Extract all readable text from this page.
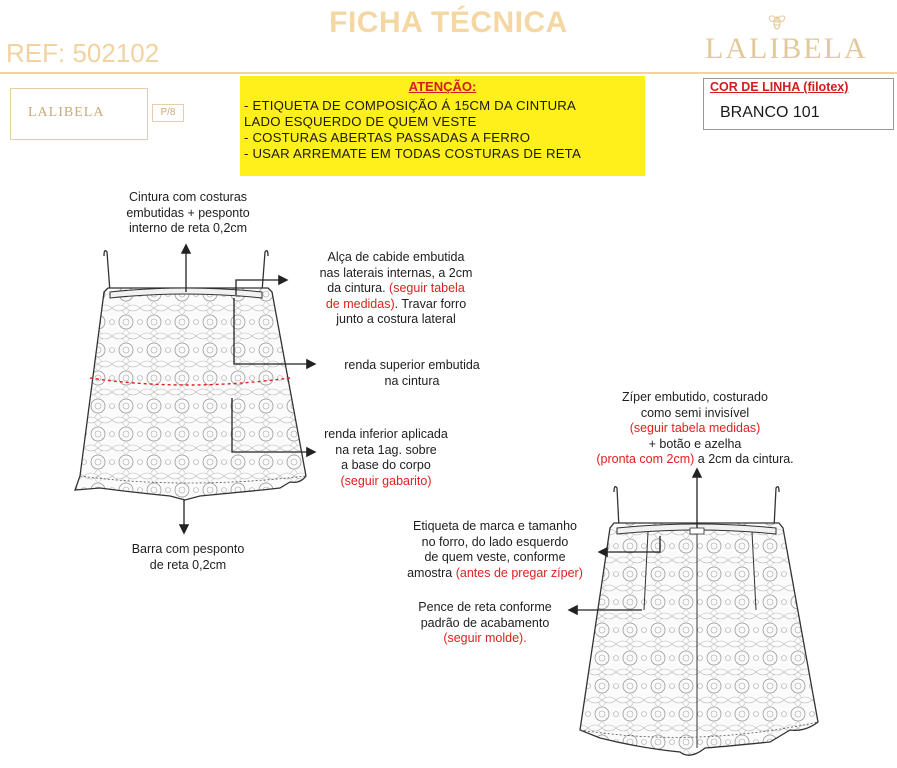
FICHA TÉCNICA
REF: 502102	LALIBELA
LALIBELA	P/8
ATENÇÃO:
- ETIQUETA DE COMPOSIÇÃO Á 15CM DA CINTURA
LADO ESQUERDO DE QUEM VESTE
- COSTURAS ABERTAS PASSADAS A FERRO
- USAR ARREMATE EM TODAS COSTURAS DE RETA
COR DE LINHA (filotex)
BRANCO 101
Cintura com costuras
embutidas + pesponto
interno de reta 0,2cm
Alça de cabide embutida
nas laterais internas, a 2cm
da cintura. (seguir tabela
de medidas). Travar forro
junto a costura lateral
renda superior embutida
na cintura
renda inferior aplicada
na reta 1ag. sobre
a base do corpo
(seguir gabarito)
Barra com pesponto
de reta 0,2cm
Zíper embutido, costurado
como semi invisível
(seguir tabela medidas)
+ botão e azelha
(pronta com 2cm) a 2cm da cintura.
Etiqueta de marca e tamanho
no forro, do lado esquerdo
de quem veste, conforme
amostra (antes de pregar zíper)
Pence de reta conforme
padrão de acabamento
(seguir molde).
